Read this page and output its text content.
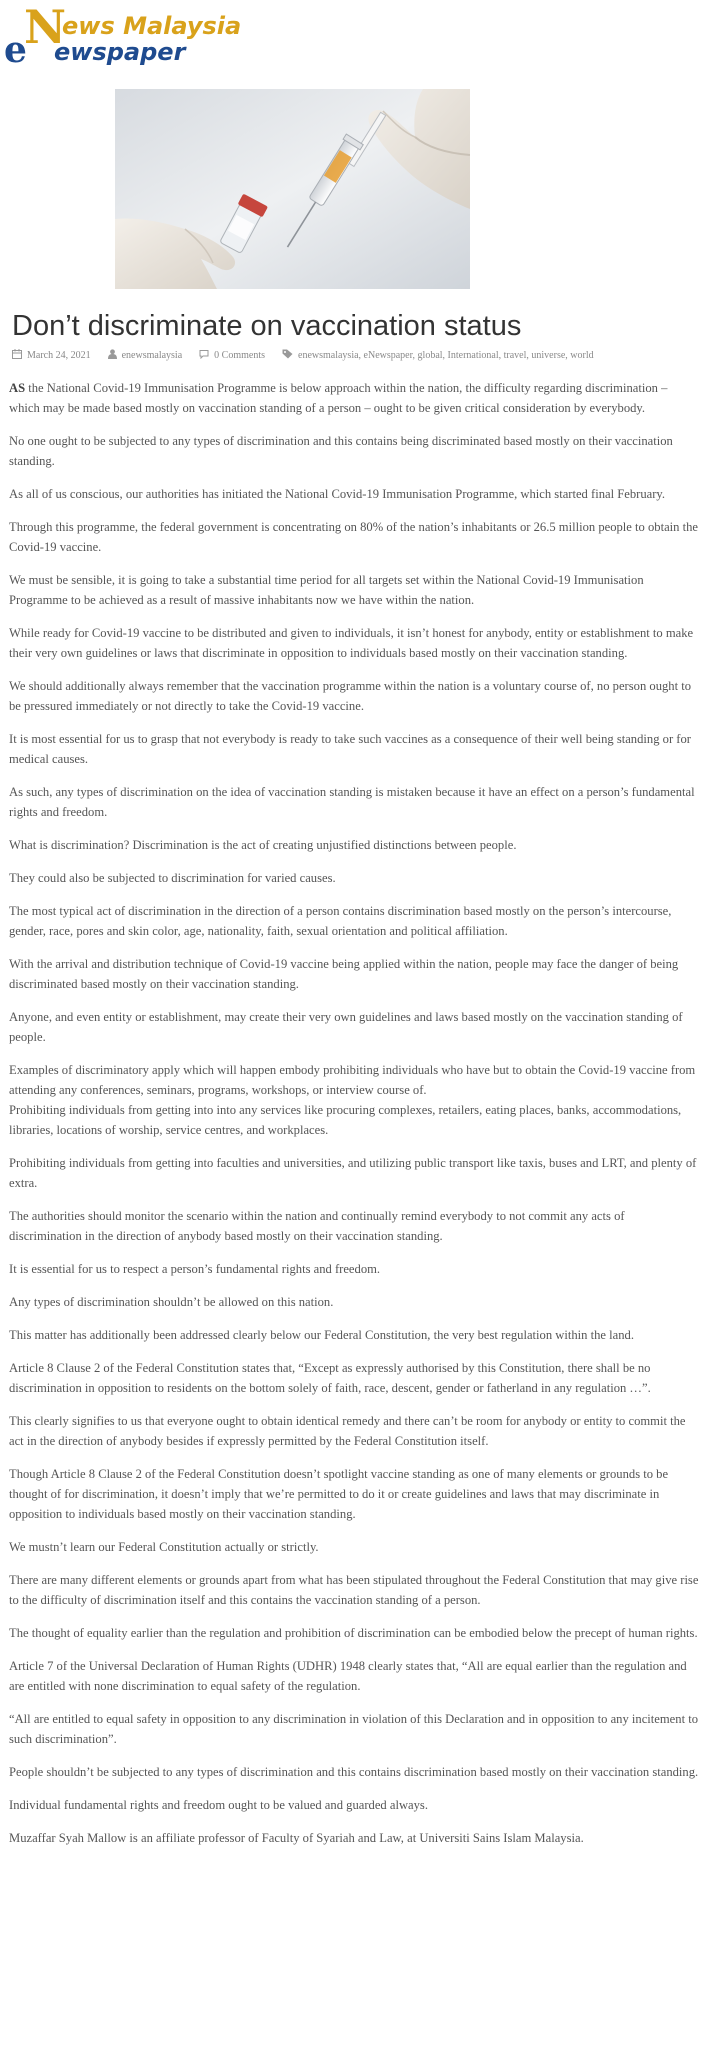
N
ews Malaysia
e ewspaper
Don’t discriminate on vaccination status
March 24, 2021	enewsmalaysia	0 Comments	enewsmalaysia, eNewspaper, global, International, travel, universe, world

AS the National Covid-19 Immunisation Programme is below approach within the nation, the difficulty regarding discrimination – which may be made based mostly on vaccination standing of a person – ought to be given critical consideration by everybody.

No one ought to be subjected to any types of discrimination and this contains being discriminated based mostly on their vaccination standing.

As all of us conscious, our authorities has initiated the National Covid-19 Immunisation Programme, which started final February.

Through this programme, the federal government is concentrating on 80% of the nation’s inhabitants or 26.5 million people to obtain the Covid-19 vaccine.

We must be sensible, it is going to take a substantial time period for all targets set within the National Covid-19 Immunisation Programme to be achieved as a result of massive inhabitants now we have within the nation.

While ready for Covid-19 vaccine to be distributed and given to individuals, it isn’t honest for anybody, entity or establishment to make their very own guidelines or laws that discriminate in opposition to individuals based mostly on their vaccination standing.

We should additionally always remember that the vaccination programme within the nation is a voluntary course of, no person ought to be pressured immediately or not directly to take the Covid-19 vaccine.

It is most essential for us to grasp that not everybody is ready to take such vaccines as a consequence of their well being standing or for medical causes.

As such, any types of discrimination on the idea of vaccination standing is mistaken because it have an effect on a person’s fundamental rights and freedom.

What is discrimination? Discrimination is the act of creating unjustified distinctions between people.

They could also be subjected to discrimination for varied causes.

The most typical act of discrimination in the direction of a person contains discrimination based mostly on the person’s intercourse, gender, race, pores and skin color, age, nationality, faith, sexual orientation and political affiliation.

With the arrival and distribution technique of Covid-19 vaccine being applied within the nation, people may face the danger of being discriminated based mostly on their vaccination standing.

Anyone, and even entity or establishment, may create their very own guidelines and laws based mostly on the vaccination standing of people.

Examples of discriminatory apply which will happen embody prohibiting individuals who have but to obtain the Covid-19 vaccine from attending any conferences, seminars, programs, workshops, or interview course of.

Prohibiting individuals from getting into into any services like procuring complexes, retailers, eating places, banks, accommodations, libraries, locations of worship, service centres, and workplaces.

Prohibiting individuals from getting into faculties and universities, and utilizing public transport like taxis, buses and LRT, and plenty of extra.

The authorities should monitor the scenario within the nation and continually remind everybody to not commit any acts of discrimination in the direction of anybody based mostly on their vaccination standing.

It is essential for us to respect a person’s fundamental rights and freedom.

Any types of discrimination shouldn’t be allowed on this nation.

This matter has additionally been addressed clearly below our Federal Constitution, the very best regulation within the land.

Article 8 Clause 2 of the Federal Constitution states that, “Except as expressly authorised by this Constitution, there shall be no discrimination in opposition to residents on the bottom solely of faith, race, descent, gender or fatherland in any regulation …”.

This clearly signifies to us that everyone ought to obtain identical remedy and there can’t be room for anybody or entity to commit the act in the direction of anybody besides if expressly permitted by the Federal Constitution itself.

Though Article 8 Clause 2 of the Federal Constitution doesn’t spotlight vaccine standing as one of many elements or grounds to be thought of for discrimination, it doesn’t imply that we’re permitted to do it or create guidelines and laws that may discriminate in opposition to individuals based mostly on their vaccination standing.

We mustn’t learn our Federal Constitution actually or strictly.

There are many different elements or grounds apart from what has been stipulated throughout the Federal Constitution that may give rise to the difficulty of discrimination itself and this contains the vaccination standing of a person.

The thought of equality earlier than the regulation and prohibition of discrimination can be embodied below the precept of human rights.

Article 7 of the Universal Declaration of Human Rights (UDHR) 1948 clearly states that, “All are equal earlier than the regulation and are entitled with none discrimination to equal safety of the regulation.

“All are entitled to equal safety in opposition to any discrimination in violation of this Declaration and in opposition to any incitement to such discrimination”.

People shouldn’t be subjected to any types of discrimination and this contains discrimination based mostly on their vaccination standing.

Individual fundamental rights and freedom ought to be valued and guarded always.

Muzaffar Syah Mallow is an affiliate professor of Faculty of Syariah and Law, at Universiti Sains Islam Malaysia.
